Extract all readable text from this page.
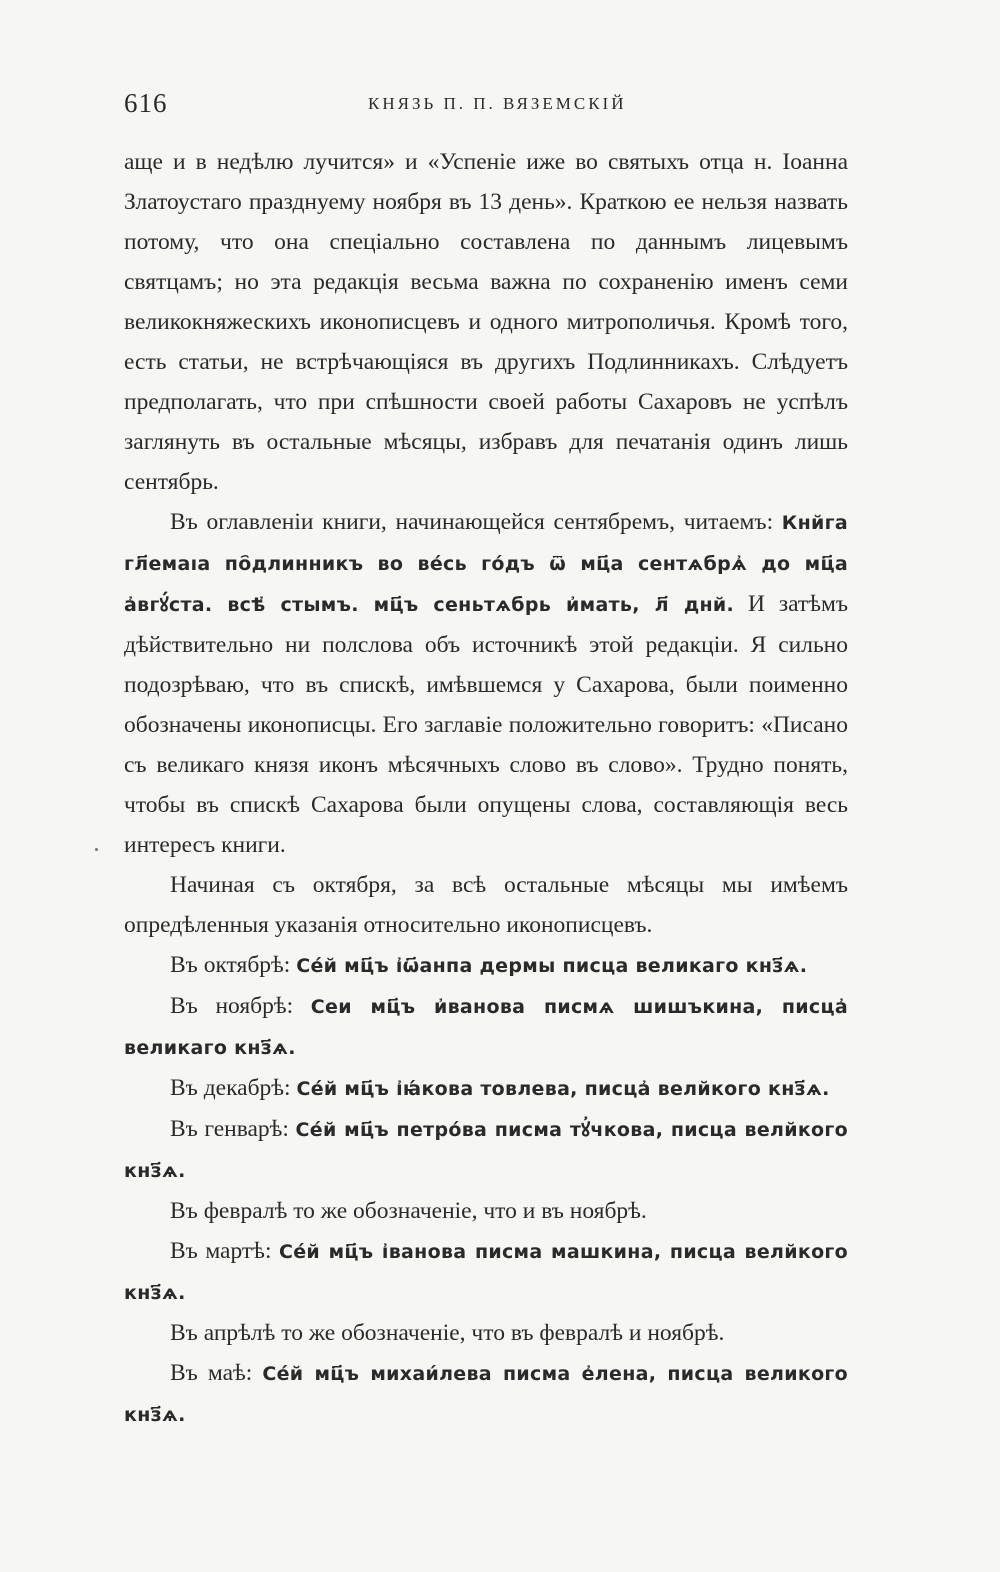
616	КНЯЗЬ П. П. ВЯЗЕМСКІЙ

аще и в недѣлю лучится» и «Успеніе иже во святыхъ отца н. Іоанна Златоустаго празднуему ноября въ 13 день». Краткою ее нельзя назвать потому, что она спеціально составлена по даннымъ лицевымъ святцамъ; но эта редакція весьма важна по сохраненію именъ семи великокняжескихъ иконописцевъ и одного митрополичья. Кромѣ того, есть статьи, не встрѣчающіяся въ другихъ Подлинникахъ. Слѣдуетъ предполагать, что при спѣшности своей работы Сахаровъ не успѣлъ заглянуть въ остальные мѣсяцы, избравъ для печатанія одинъ лишь сентябрь.

Въ оглавленіи книги, начинающейся сентябремъ, читаемъ: Кнйга гл҃емаıа по҄длинникъ во вéсь го́дъ ѿ мц҃а сентѧбрѧ҆ до мц҃а а҆вгꙋ́ста. всѣ҆ стымъ. мц҃ъ сеньтѧбрь и҆мать, л҃ днй. И затѣмъ дѣйствительно ни полслова объ источникѣ этой редакціи. Я сильно подозрѣваю, что въ спискѣ, имѣвшемся у Сахарова, были поименно обозначены иконописцы. Его заглавіе положительно говоритъ: «Писано съ великаго князя иконъ мѣсячныхъ слово въ слово». Трудно понять, чтобы въ спискѣ Сахарова были опущены слова, составляющія весь интересъ книги.

Начиная съ октября, за всѣ остальные мѣсяцы мы имѣемъ опредѣленныя указанія относительно иконописцевъ.

Въ октябрѣ: Сéй мц҃ъ і҆ѡ҃анпа дермы писца великаго кнз҃ѧ.

Въ ноябрѣ: Сеи мц҃ъ и҆ванова писмѧ шишъкина, писца҆ великаго кнз҃ѧ.

Въ декабрѣ: Сéй мц҃ъ і҆ꙗ́кова товлева, писца҆ велйкого кнз҃ѧ.

Въ генварѣ: Сéй мц҃ъ петро́ва писма тꙋ҆чкова, писца велйкого кнз҃ѧ.

Въ февралѣ то же обозначеніе, что и въ ноябрѣ.

Въ мартѣ: Сéй мц҃ъ і҆ванова писма машкина, писца велйкого кнз҃ѧ.

Въ апрѣлѣ то же обозначеніе, что въ февралѣ и ноябрѣ.

Въ маѣ: Сéй мц҃ъ михаи́лева писма е҆лена, писца великого кнз҃ѧ.
